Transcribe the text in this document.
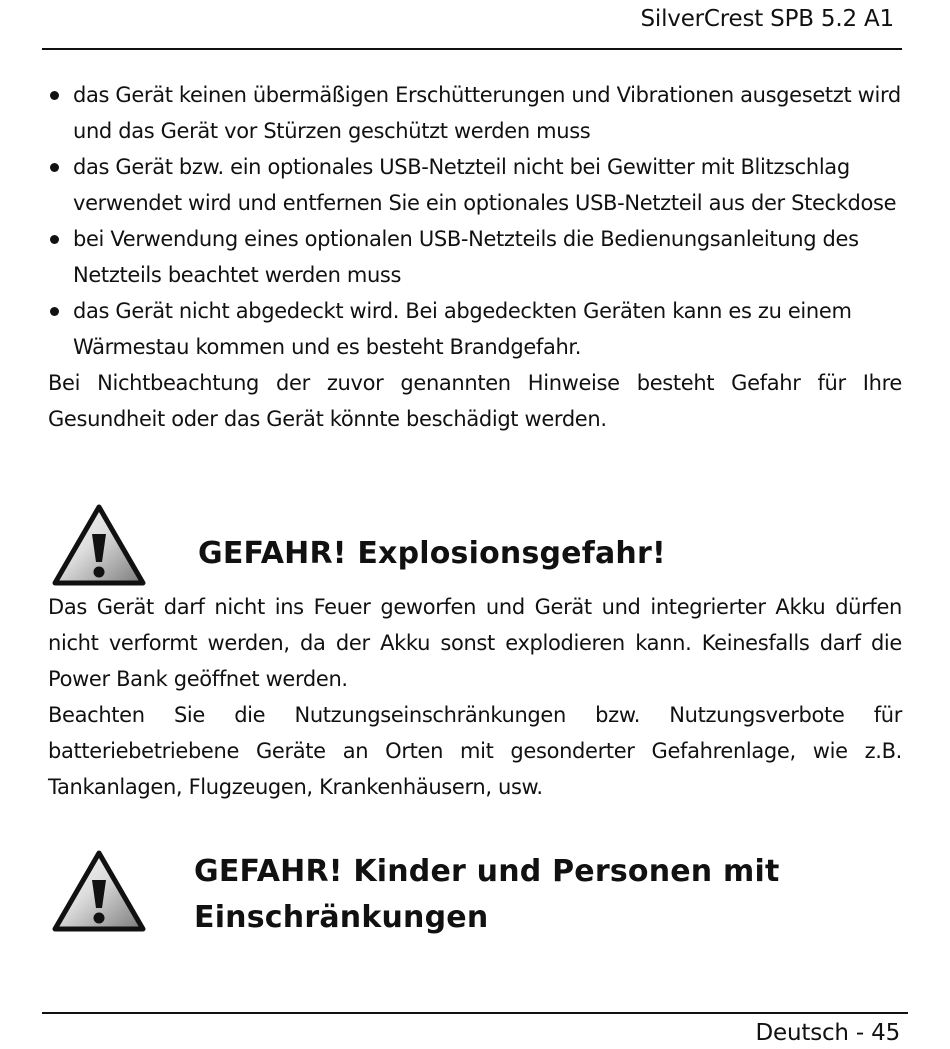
SilverCrest SPB 5.2 A1
das Gerät keinen übermäßigen Erschütterungen und Vibrationen ausgesetzt wird und das Gerät vor Stürzen geschützt werden muss
das Gerät bzw. ein optionales USB-Netzteil nicht bei Gewitter mit Blitzschlag verwendet wird und entfernen Sie ein optionales USB-Netzteil aus der Steckdose
bei Verwendung eines optionalen USB-Netzteils die Bedienungsanleitung des Netzteils beachtet werden muss
das Gerät nicht abgedeckt wird. Bei abgedeckten Geräten kann es zu einem Wärmestau kommen und es besteht Brandgefahr.

Bei Nichtbeachtung der zuvor genannten Hinweise besteht Gefahr für Ihre Gesundheit oder das Gerät könnte beschädigt werden.

GEFAHR! Explosionsgefahr!

Das Gerät darf nicht ins Feuer geworfen und Gerät und integrierter Akku dürfen nicht verformt werden, da der Akku sonst explodieren kann. Keinesfalls darf die Power Bank geöffnet werden.

Beachten Sie die Nutzungseinschränkungen bzw. Nutzungsverbote für batteriebetriebene Geräte an Orten mit gesonderter Gefahrenlage, wie z.B. Tankanlagen, Flugzeugen, Krankenhäusern, usw.

GEFAHR! Kinder und Personen mit Einschränkungen
Deutsch - 45
